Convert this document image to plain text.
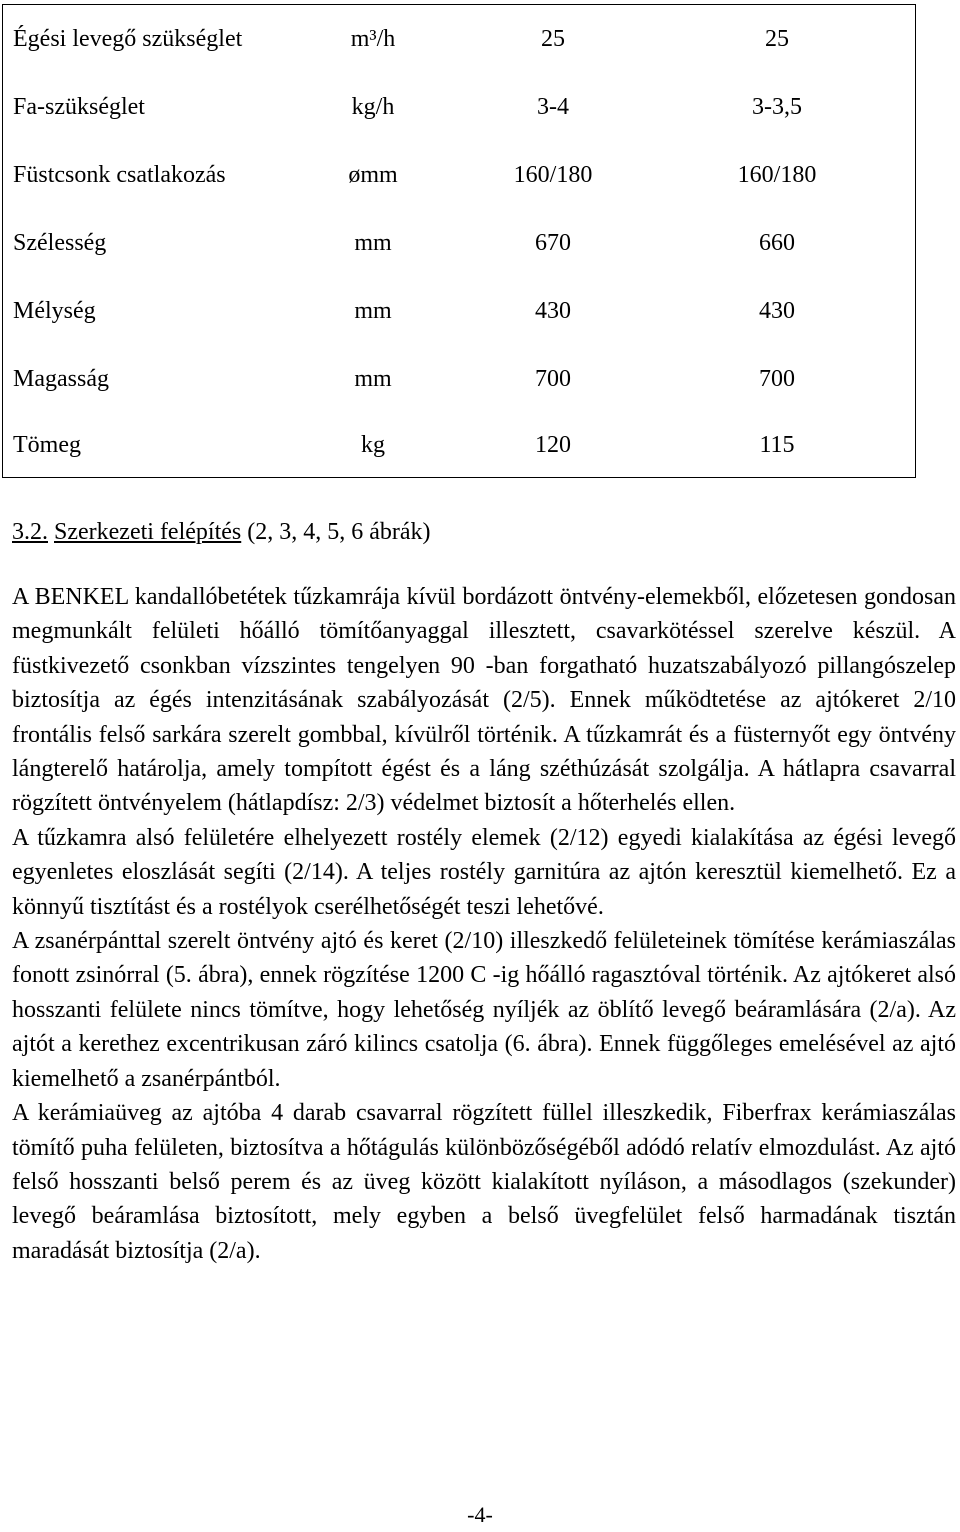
Égési levegő szükséglet	m³/h	25	25
Fa-szükséglet	kg/h	3-4	3-3,5
Füstcsonk csatlakozás	ømm	160/180	160/180
Szélesség	mm	670	660
Mélység	mm	430	430
Magasság	mm	700	700
Tömeg	kg	120	115
3.2. Szerkezeti felépítés (2, 3, 4, 5, 6 ábrák)

A BENKEL kandallóbetétek tűzkamrája kívül bordázott öntvény-elemekből, előzetesen gondosan megmunkált felületi hőálló tömítőanyaggal illesztett, csavarkötéssel szerelve készül. A füstkivezető csonkban vízszintes tengelyen 90 -ban forgatható huzatszabályozó pillangószelep biztosítja az égés intenzitásának szabályozását (2/5). Ennek működtetése az ajtókeret 2/10 frontális felső sarkára szerelt gombbal, kívülről történik. A tűzkamrát és a füsternyőt egy öntvény lángterelő határolja, amely tompított égést és a láng széthúzását szolgálja. A hátlapra csavarral rögzített öntvényelem (hátlapdísz: 2/3) védelmet biztosít a hőterhelés ellen.

A tűzkamra alsó felületére elhelyezett rostély elemek (2/12) egyedi kialakítása az égési levegő egyenletes eloszlását segíti (2/14). A teljes rostély garnitúra az ajtón keresztül kiemelhető. Ez a könnyű tisztítást és a rostélyok cserélhetőségét teszi lehetővé.

A zsanérpánttal szerelt öntvény ajtó és keret (2/10) illeszkedő felületeinek tömítése kerámiaszálas fonott zsinórral (5. ábra), ennek rögzítése 1200 C -ig hőálló ragasztóval történik. Az ajtókeret alsó hosszanti felülete nincs tömítve, hogy lehetőség nyíljék az öblítő levegő beáramlására (2/a). Az ajtót a kerethez excentrikusan záró kilincs csatolja (6. ábra). Ennek függőleges emelésével az ajtó kiemelhető a zsanérpántból.

A kerámiaüveg az ajtóba 4 darab csavarral rögzített füllel illeszkedik, Fiberfrax kerámiaszálas tömítő puha felületen, biztosítva a hőtágulás különbözőségéből adódó relatív elmozdulást. Az ajtó felső hosszanti belső perem és az üveg között kialakított nyíláson, a másodlagos (szekunder) levegő beáramlása biztosított, mely egyben a belső üvegfelület felső harmadának tisztán maradását biztosítja (2/a).

-4-
